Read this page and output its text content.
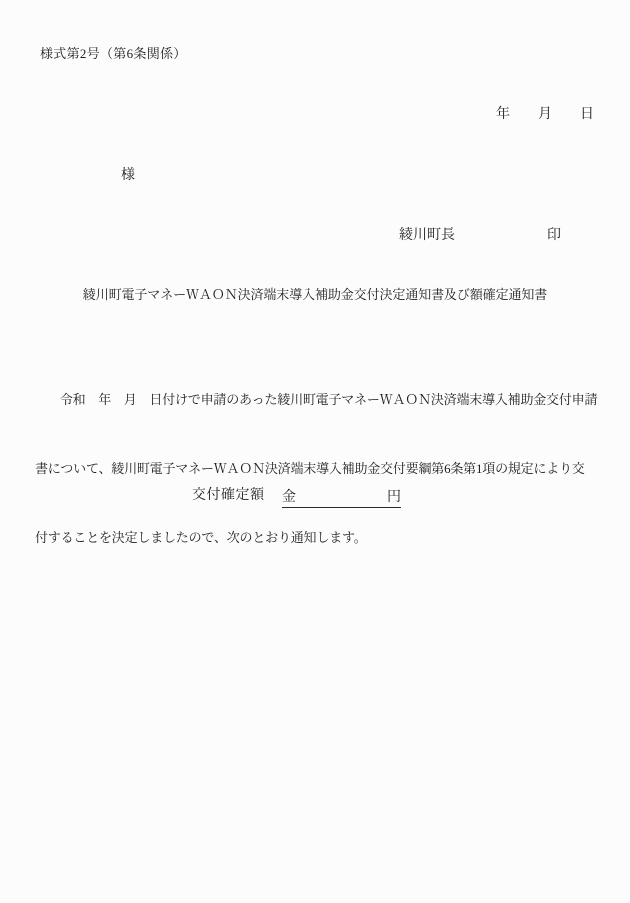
様式第2号（第6条関係）
年　　月　　日
様
綾川町長	印
綾川町電子マネーＷＡＯＮ決済端末導入補助金交付決定通知書及び額確定通知書

　令和　年　月　日付けで申請のあった綾川町電子マネーＷＡＯＮ決済端末導入補助金交付申請

書について、綾川町電子マネーＷＡＯＮ決済端末導入補助金交付要綱第6条第1項の規定により交

付することを決定しましたので、次のとおり通知します。

交付確定額 金	円
